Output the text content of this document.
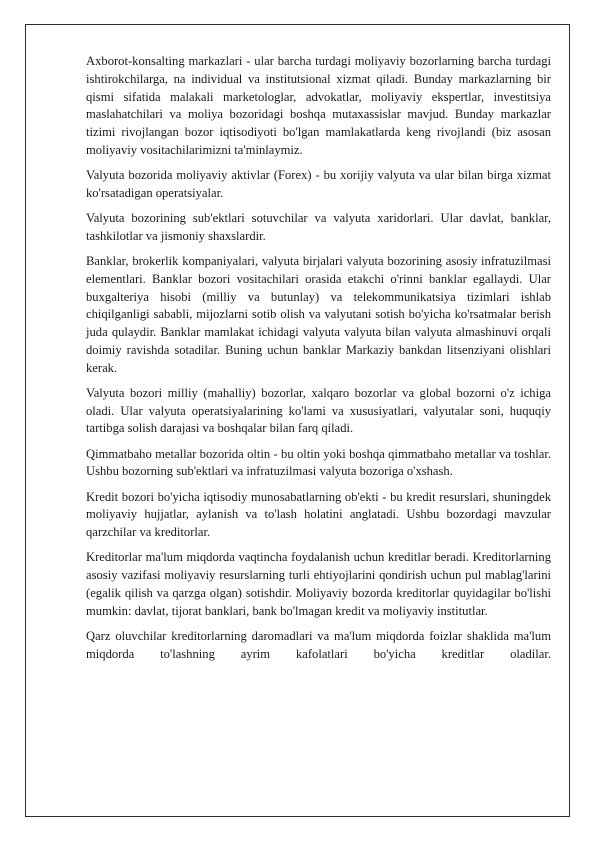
Axborot-konsalting markazlari - ular barcha turdagi moliyaviy bozorlarning barcha turdagi ishtirokchilarga, na individual va institutsional xizmat qiladi. Bunday markazlarning bir qismi sifatida malakali marketologlar, advokatlar, moliyaviy ekspertlar, investitsiya maslahatchilari va moliya bozoridagi boshqa mutaxassislar mavjud. Bunday markazlar tizimi rivojlangan bozor iqtisodiyoti bo'lgan mamlakatlarda keng rivojlandi (biz asosan moliyaviy vositachilarimizni ta'minlaymiz.

Valyuta bozorida moliyaviy aktivlar (Forex) - bu xorijiy valyuta va ular bilan birga xizmat ko'rsatadigan operatsiyalar.

Valyuta bozorining sub'ektlari sotuvchilar va valyuta xaridorlari. Ular davlat, banklar, tashkilotlar va jismoniy shaxslardir.

Banklar, brokerlik kompaniyalari, valyuta birjalari valyuta bozorining asosiy infratuzilmasi elementlari. Banklar bozori vositachilari orasida etakchi o'rinni banklar egallaydi. Ular buxgalteriya hisobi (milliy va butunlay) va telekommunikatsiya tizimlari ishlab chiqilganligi sababli, mijozlarni sotib olish va valyutani sotish bo'yicha ko'rsatmalar berish juda qulaydir. Banklar mamlakat ichidagi valyuta valyuta bilan valyuta almashinuvi orqali doimiy ravishda sotadilar. Buning uchun banklar Markaziy bankdan litsenziyani olishlari kerak.

Valyuta bozori milliy (mahalliy) bozorlar, xalqaro bozorlar va global bozorni o'z ichiga oladi. Ular valyuta operatsiyalarining ko'lami va xususiyatlari, valyutalar soni, huquqiy tartibga solish darajasi va boshqalar bilan farq qiladi.

Qimmatbaho metallar bozorida oltin - bu oltin yoki boshqa qimmatbaho metallar va toshlar. Ushbu bozorning sub'ektlari va infratuzilmasi valyuta bozoriga o'xshash.

Kredit bozori bo'yicha iqtisodiy munosabatlarning ob'ekti - bu kredit resurslari, shuningdek moliyaviy hujjatlar, aylanish va to'lash holatini anglatadi. Ushbu bozordagi mavzular qarzchilar va kreditorlar.

Kreditorlar ma'lum miqdorda vaqtincha foydalanish uchun kreditlar beradi. Kreditorlarning asosiy vazifasi moliyaviy resurslarning turli ehtiyojlarini qondirish uchun pul mablag'larini (egalik qilish va qarzga olgan) sotishdir. Moliyaviy bozorda kreditorlar quyidagilar bo'lishi mumkin: davlat, tijorat banklari, bank bo'lmagan kredit va moliyaviy institutlar.

Qarz oluvchilar kreditorlarning daromadlari va ma'lum miqdorda foizlar shaklida ma'lum miqdorda to'lashning ayrim kafolatlari bo'yicha kreditlar oladilar.
